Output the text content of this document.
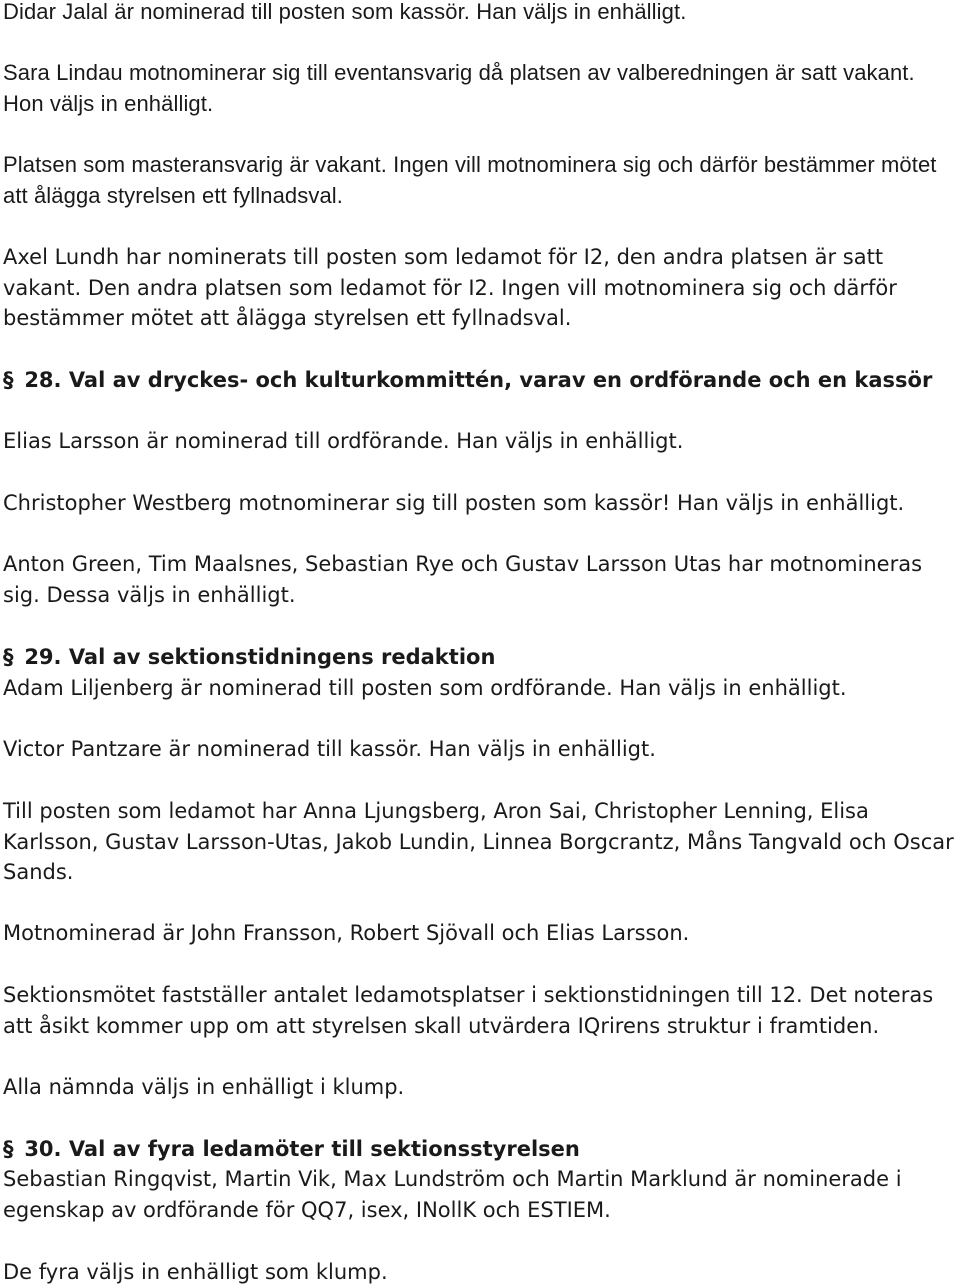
Didar Jalal är nominerad till posten som kassör. Han väljs in enhälligt.

Sara Lindau motnominerar sig till eventansvarig då platsen av valberedningen är satt vakant. Hon väljs in enhälligt.

Platsen som masteransvarig är vakant. Ingen vill motnominera sig och därför bestämmer mötet att ålägga styrelsen ett fyllnadsval.

Axel Lundh har nominerats till posten som ledamot för I2, den andra platsen är satt vakant. Den andra platsen som ledamot för I2. Ingen vill motnominera sig och därför bestämmer mötet att ålägga styrelsen ett fyllnadsval.

§ 28. Val av dryckes- och kulturkommittén, varav en ordförande och en kassör

Elias Larsson är nominerad till ordförande. Han väljs in enhälligt.

Christopher Westberg motnominerar sig till posten som kassör! Han väljs in enhälligt.

Anton Green, Tim Maalsnes, Sebastian Rye och Gustav Larsson Utas har motnomineras sig. Dessa väljs in enhälligt.

§ 29. Val av sektionstidningens redaktion

Adam Liljenberg är nominerad till posten som ordförande. Han väljs in enhälligt.

Victor Pantzare är nominerad till kassör. Han väljs in enhälligt.

Till posten som ledamot har Anna Ljungsberg, Aron Sai, Christopher Lenning, Elisa Karlsson, Gustav Larsson-Utas, Jakob Lundin, Linnea Borgcrantz, Måns Tangvald och Oscar Sands.

Motnominerad är John Fransson, Robert Sjövall och Elias Larsson.

Sektionsmötet fastställer antalet ledamotsplatser i sektionstidningen till 12. Det noteras att åsikt kommer upp om att styrelsen skall utvärdera IQrirens struktur i framtiden.

Alla nämnda väljs in enhälligt i klump.

§ 30. Val av fyra ledamöter till sektionsstyrelsen

Sebastian Ringqvist, Martin Vik, Max Lundström och Martin Marklund är nominerade i egenskap av ordförande för QQ7, isex, INollK och ESTIEM.

De fyra väljs in enhälligt som klump.
